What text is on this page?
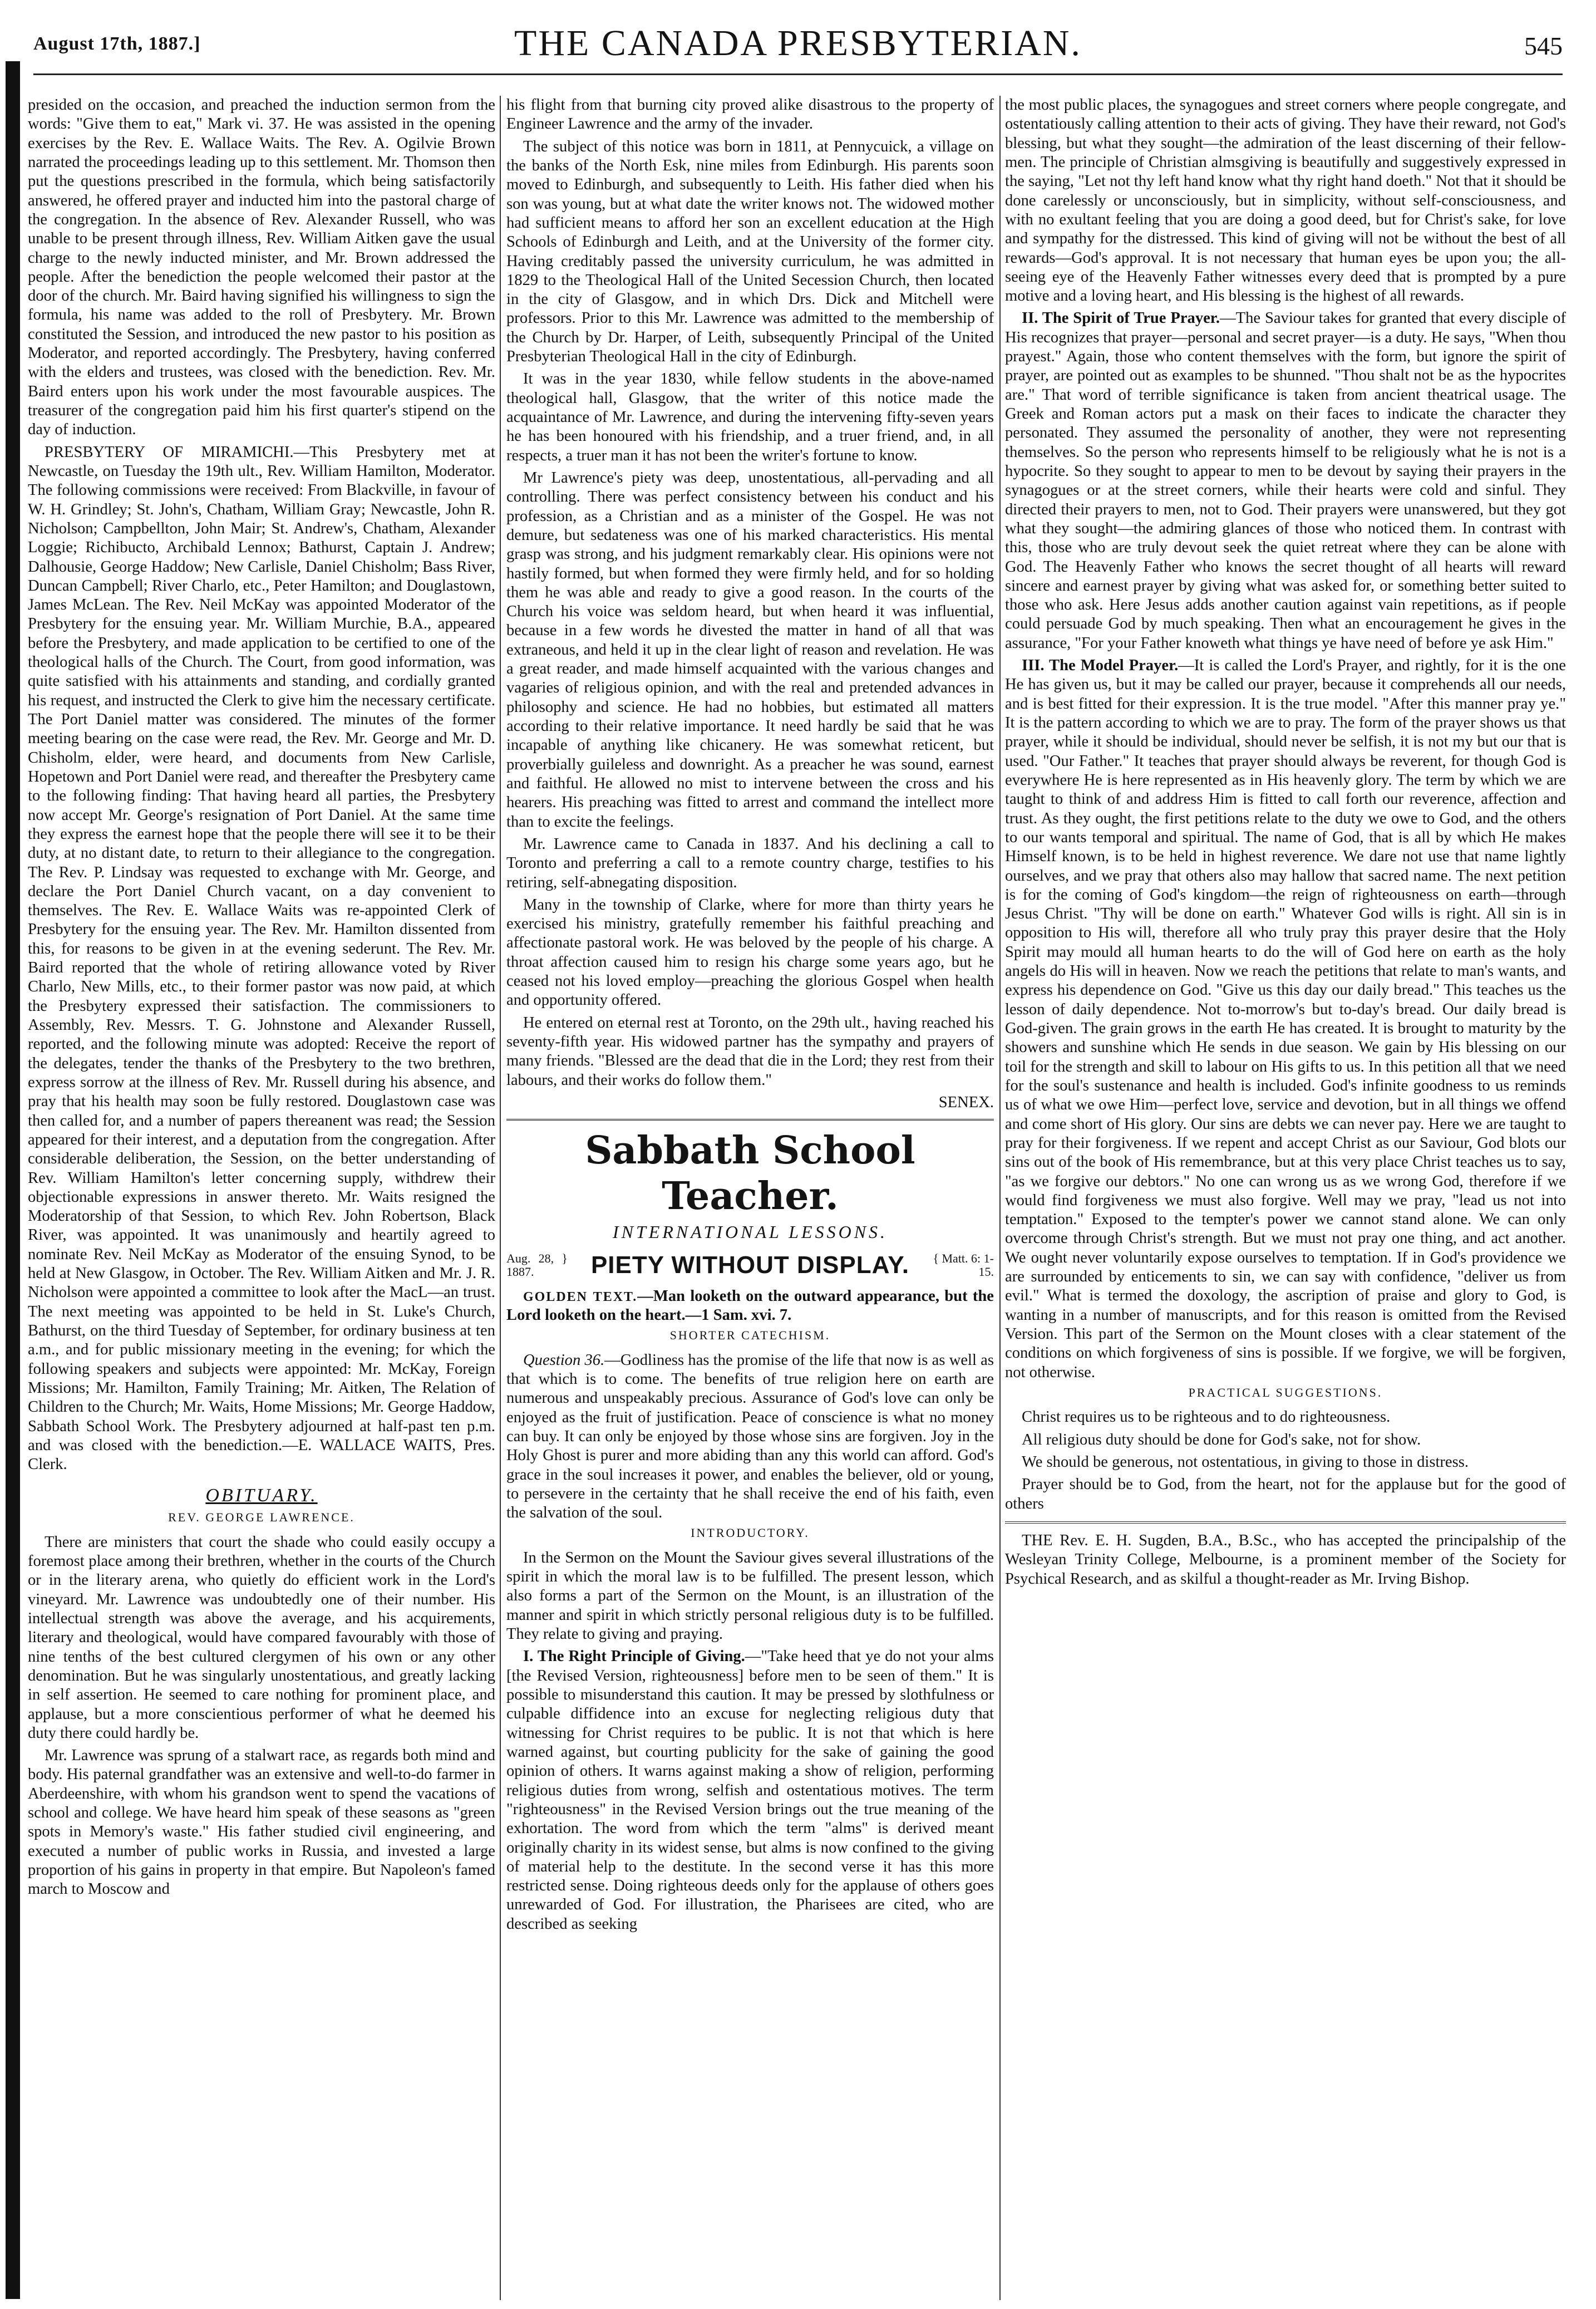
August 17th, 1887.]	THE CANADA PRESBYTERIAN.	545

presided on the occasion, and preached the induction sermon from the words: "Give them to eat," Mark vi. 37. He was assisted in the opening exercises by the Rev. E. Wallace Waits. The Rev. A. Ogilvie Brown narrated the proceedings leading up to this settlement. Mr. Thomson then put the questions prescribed in the formula, which being satisfactorily answered, he offered prayer and inducted him into the pastoral charge of the congregation. In the absence of Rev. Alexander Russell, who was unable to be present through illness, Rev. William Aitken gave the usual charge to the newly inducted minister, and Mr. Brown addressed the people. After the benediction the people welcomed their pastor at the door of the church. Mr. Baird having signified his willingness to sign the formula, his name was added to the roll of Presbytery. Mr. Brown constituted the Session, and introduced the new pastor to his position as Moderator, and reported accordingly. The Presbytery, having conferred with the elders and trustees, was closed with the benediction. Rev. Mr. Baird enters upon his work under the most favourable auspices. The treasurer of the congregation paid him his first quarter's stipend on the day of induction.

PRESBYTERY OF MIRAMICHI.—This Presbytery met at Newcastle, on Tuesday the 19th ult., Rev. William Hamilton, Moderator. The following commissions were received: From Blackville, in favour of W. H. Grindley; St. John's, Chatham, William Gray; Newcastle, John R. Nicholson; Campbellton, John Mair; St. Andrew's, Chatham, Alexander Loggie; Richibucto, Archibald Lennox; Bathurst, Captain J. Andrew; Dalhousie, George Haddow; New Carlisle, Daniel Chisholm; Bass River, Duncan Campbell; River Charlo, etc., Peter Hamilton; and Douglastown, James McLean. The Rev. Neil McKay was appointed Moderator of the Presbytery for the ensuing year. Mr. William Murchie, B.A., appeared before the Presbytery, and made application to be certified to one of the theological halls of the Church. The Court, from good information, was quite satisfied with his attainments and standing, and cordially granted his request, and instructed the Clerk to give him the necessary certificate. The Port Daniel matter was considered. The minutes of the former meeting bearing on the case were read, the Rev. Mr. George and Mr. D. Chisholm, elder, were heard, and documents from New Carlisle, Hopetown and Port Daniel were read, and thereafter the Presbytery came to the following finding: That having heard all parties, the Presbytery now accept Mr. George's resignation of Port Daniel. At the same time they express the earnest hope that the people there will see it to be their duty, at no distant date, to return to their allegiance to the congregation. The Rev. P. Lindsay was requested to exchange with Mr. George, and declare the Port Daniel Church vacant, on a day convenient to themselves. The Rev. E. Wallace Waits was re-appointed Clerk of Presbytery for the ensuing year. The Rev. Mr. Hamilton dissented from this, for reasons to be given in at the evening sederunt. The Rev. Mr. Baird reported that the whole of retiring allowance voted by River Charlo, New Mills, etc., to their former pastor was now paid, at which the Presbytery expressed their satisfaction. The commissioners to Assembly, Rev. Messrs. T. G. Johnstone and Alexander Russell, reported, and the following minute was adopted: Receive the report of the delegates, tender the thanks of the Presbytery to the two brethren, express sorrow at the illness of Rev. Mr. Russell during his absence, and pray that his health may soon be fully restored. Douglastown case was then called for, and a number of papers thereanent was read; the Session appeared for their interest, and a deputation from the congregation. After considerable deliberation, the Session, on the better understanding of Rev. William Hamilton's letter concerning supply, withdrew their objectionable expressions in answer thereto. Mr. Waits resigned the Moderatorship of that Session, to which Rev. John Robertson, Black River, was appointed. It was unanimously and heartily agreed to nominate Rev. Neil McKay as Moderator of the ensuing Synod, to be held at New Glasgow, in October. The Rev. William Aitken and Mr. J. R. Nicholson were appointed a committee to look after the MacL—an trust. The next meeting was appointed to be held in St. Luke's Church, Bathurst, on the third Tuesday of September, for ordinary business at ten a.m., and for public missionary meeting in the evening; for which the following speakers and subjects were appointed: Mr. McKay, Foreign Missions; Mr. Hamilton, Family Training; Mr. Aitken, The Relation of Children to the Church; Mr. Waits, Home Missions; Mr. George Haddow, Sabbath School Work. The Presbytery adjourned at half-past ten p.m. and was closed with the benediction.—E. WALLACE WAITS, Pres. Clerk.

OBITUARY.
REV. GEORGE LAWRENCE.

There are ministers that court the shade who could easily occupy a foremost place among their brethren, whether in the courts of the Church or in the literary arena, who quietly do efficient work in the Lord's vineyard. Mr. Lawrence was undoubtedly one of their number. His intellectual strength was above the average, and his acquirements, literary and theological, would have compared favourably with those of nine tenths of the best cultured clergymen of his own or any other denomination. But he was singularly unostentatious, and greatly lacking in self assertion. He seemed to care nothing for prominent place, and applause, but a more conscientious performer of what he deemed his duty there could hardly be.

Mr. Lawrence was sprung of a stalwart race, as regards both mind and body. His paternal grandfather was an extensive and well-to-do farmer in Aberdeenshire, with whom his grandson went to spend the vacations of school and college. We have heard him speak of these seasons as "green spots in Memory's waste." His father studied civil engineering, and executed a number of public works in Russia, and invested a large proportion of his gains in property in that empire. But Napoleon's famed march to Moscow and

his flight from that burning city proved alike disastrous to the property of Engineer Lawrence and the army of the invader.

The subject of this notice was born in 1811, at Pennycuick, a village on the banks of the North Esk, nine miles from Edinburgh. His parents soon moved to Edinburgh, and subsequently to Leith. His father died when his son was young, but at what date the writer knows not. The widowed mother had sufficient means to afford her son an excellent education at the High Schools of Edinburgh and Leith, and at the University of the former city. Having creditably passed the university curriculum, he was admitted in 1829 to the Theological Hall of the United Secession Church, then located in the city of Glasgow, and in which Drs. Dick and Mitchell were professors. Prior to this Mr. Lawrence was admitted to the membership of the Church by Dr. Harper, of Leith, subsequently Principal of the United Presbyterian Theological Hall in the city of Edinburgh.

It was in the year 1830, while fellow students in the above-named theological hall, Glasgow, that the writer of this notice made the acquaintance of Mr. Lawrence, and during the intervening fifty-seven years he has been honoured with his friendship, and a truer friend, and, in all respects, a truer man it has not been the writer's fortune to know.

Mr Lawrence's piety was deep, unostentatious, all-pervading and all controlling. There was perfect consistency between his conduct and his profession, as a Christian and as a minister of the Gospel. He was not demure, but sedateness was one of his marked characteristics. His mental grasp was strong, and his judgment remarkably clear. His opinions were not hastily formed, but when formed they were firmly held, and for so holding them he was able and ready to give a good reason. In the courts of the Church his voice was seldom heard, but when heard it was influential, because in a few words he divested the matter in hand of all that was extraneous, and held it up in the clear light of reason and revelation. He was a great reader, and made himself acquainted with the various changes and vagaries of religious opinion, and with the real and pretended advances in philosophy and science. He had no hobbies, but estimated all matters according to their relative importance. It need hardly be said that he was incapable of anything like chicanery. He was somewhat reticent, but proverbially guileless and downright. As a preacher he was sound, earnest and faithful. He allowed no mist to intervene between the cross and his hearers. His preaching was fitted to arrest and command the intellect more than to excite the feelings.

Mr. Lawrence came to Canada in 1837. And his declining a call to Toronto and preferring a call to a remote country charge, testifies to his retiring, self-abnegating disposition.

Many in the township of Clarke, where for more than thirty years he exercised his ministry, gratefully remember his faithful preaching and affectionate pastoral work. He was beloved by the people of his charge. A throat affection caused him to resign his charge some years ago, but he ceased not his loved employ—preaching the glorious Gospel when health and opportunity offered.

He entered on eternal rest at Toronto, on the 29th ult., having reached his seventy-fifth year. His widowed partner has the sympathy and prayers of many friends. "Blessed are the dead that die in the Lord; they rest from their labours, and their works do follow them."

SENEX.

Sabbath School Teacher.
INTERNATIONAL LESSONS.
Aug. 28, } 1887.	PIETY WITHOUT DISPLAY.	{ Matt. 6: 1-15.

GOLDEN TEXT.—Man looketh on the outward appearance, but the Lord looketh on the heart.—1 Sam. xvi. 7.

SHORTER CATECHISM.

Question 36.—Godliness has the promise of the life that now is as well as that which is to come. The benefits of true religion here on earth are numerous and unspeakably precious. Assurance of God's love can only be enjoyed as the fruit of justification. Peace of conscience is what no money can buy. It can only be enjoyed by those whose sins are forgiven. Joy in the Holy Ghost is purer and more abiding than any this world can afford. God's grace in the soul increases it power, and enables the believer, old or young, to persevere in the certainty that he shall receive the end of his faith, even the salvation of the soul.

INTRODUCTORY.

In the Sermon on the Mount the Saviour gives several illustrations of the spirit in which the moral law is to be fulfilled. The present lesson, which also forms a part of the Sermon on the Mount, is an illustration of the manner and spirit in which strictly personal religious duty is to be fulfilled. They relate to giving and praying.

I. The Right Principle of Giving.—"Take heed that ye do not your alms [the Revised Version, righteousness] before men to be seen of them." It is possible to misunderstand this caution. It may be pressed by slothfulness or culpable diffidence into an excuse for neglecting religious duty that witnessing for Christ requires to be public. It is not that which is here warned against, but courting publicity for the sake of gaining the good opinion of others. It warns against making a show of religion, performing religious duties from wrong, selfish and ostentatious motives. The term "righteousness" in the Revised Version brings out the true meaning of the exhortation. The word from which the term "alms" is derived meant originally charity in its widest sense, but alms is now confined to the giving of material help to the destitute. In the second verse it has this more restricted sense. Doing righteous deeds only for the applause of others goes unrewarded of God. For illustration, the Pharisees are cited, who are described as seeking

the most public places, the synagogues and street corners where people congregate, and ostentatiously calling attention to their acts of giving. They have their reward, not God's blessing, but what they sought—the admiration of the least discerning of their fellow-men. The principle of Christian almsgiving is beautifully and suggestively expressed in the saying, "Let not thy left hand know what thy right hand doeth." Not that it should be done carelessly or unconsciously, but in simplicity, without self-consciousness, and with no exultant feeling that you are doing a good deed, but for Christ's sake, for love and sympathy for the distressed. This kind of giving will not be without the best of all rewards—God's approval. It is not necessary that human eyes be upon you; the all-seeing eye of the Heavenly Father witnesses every deed that is prompted by a pure motive and a loving heart, and His blessing is the highest of all rewards.

II. The Spirit of True Prayer.—The Saviour takes for granted that every disciple of His recognizes that prayer—personal and secret prayer—is a duty. He says, "When thou prayest." Again, those who content themselves with the form, but ignore the spirit of prayer, are pointed out as examples to be shunned. "Thou shalt not be as the hypocrites are." That word of terrible significance is taken from ancient theatrical usage. The Greek and Roman actors put a mask on their faces to indicate the character they personated. They assumed the personality of another, they were not representing themselves. So the person who represents himself to be religiously what he is not is a hypocrite. So they sought to appear to men to be devout by saying their prayers in the synagogues or at the street corners, while their hearts were cold and sinful. They directed their prayers to men, not to God. Their prayers were unanswered, but they got what they sought—the admiring glances of those who noticed them. In contrast with this, those who are truly devout seek the quiet retreat where they can be alone with God. The Heavenly Father who knows the secret thought of all hearts will reward sincere and earnest prayer by giving what was asked for, or something better suited to those who ask. Here Jesus adds another caution against vain repetitions, as if people could persuade God by much speaking. Then what an encouragement he gives in the assurance, "For your Father knoweth what things ye have need of before ye ask Him."

III. The Model Prayer.—It is called the Lord's Prayer, and rightly, for it is the one He has given us, but it may be called our prayer, because it comprehends all our needs, and is best fitted for their expression. It is the true model. "After this manner pray ye." It is the pattern according to which we are to pray. The form of the prayer shows us that prayer, while it should be individual, should never be selfish, it is not my but our that is used. "Our Father." It teaches that prayer should always be reverent, for though God is everywhere He is here represented as in His heavenly glory. The term by which we are taught to think of and address Him is fitted to call forth our reverence, affection and trust. As they ought, the first petitions relate to the duty we owe to God, and the others to our wants temporal and spiritual. The name of God, that is all by which He makes Himself known, is to be held in highest reverence. We dare not use that name lightly ourselves, and we pray that others also may hallow that sacred name. The next petition is for the coming of God's kingdom—the reign of righteousness on earth—through Jesus Christ. "Thy will be done on earth." Whatever God wills is right. All sin is in opposition to His will, therefore all who truly pray this prayer desire that the Holy Spirit may mould all human hearts to do the will of God here on earth as the holy angels do His will in heaven. Now we reach the petitions that relate to man's wants, and express his dependence on God. "Give us this day our daily bread." This teaches us the lesson of daily dependence. Not to-morrow's but to-day's bread. Our daily bread is God-given. The grain grows in the earth He has created. It is brought to maturity by the showers and sunshine which He sends in due season. We gain by His blessing on our toil for the strength and skill to labour on His gifts to us. In this petition all that we need for the soul's sustenance and health is included. God's infinite goodness to us reminds us of what we owe Him—perfect love, service and devotion, but in all things we offend and come short of His glory. Our sins are debts we can never pay. Here we are taught to pray for their forgiveness. If we repent and accept Christ as our Saviour, God blots our sins out of the book of His remembrance, but at this very place Christ teaches us to say, "as we forgive our debtors." No one can wrong us as we wrong God, therefore if we would find forgiveness we must also forgive. Well may we pray, "lead us not into temptation." Exposed to the tempter's power we cannot stand alone. We can only overcome through Christ's strength. But we must not pray one thing, and act another. We ought never voluntarily expose ourselves to temptation. If in God's providence we are surrounded by enticements to sin, we can say with confidence, "deliver us from evil." What is termed the doxology, the ascription of praise and glory to God, is wanting in a number of manuscripts, and for this reason is omitted from the Revised Version. This part of the Sermon on the Mount closes with a clear statement of the conditions on which forgiveness of sins is possible. If we forgive, we will be forgiven, not otherwise.

PRACTICAL SUGGESTIONS.

Christ requires us to be righteous and to do righteousness.

All religious duty should be done for God's sake, not for show.

We should be generous, not ostentatious, in giving to those in distress.

Prayer should be to God, from the heart, not for the applause but for the good of others

THE Rev. E. H. Sugden, B.A., B.Sc., who has accepted the principalship of the Wesleyan Trinity College, Melbourne, is a prominent member of the Society for Psychical Research, and as skilful a thought-reader as Mr. Irving Bishop.
